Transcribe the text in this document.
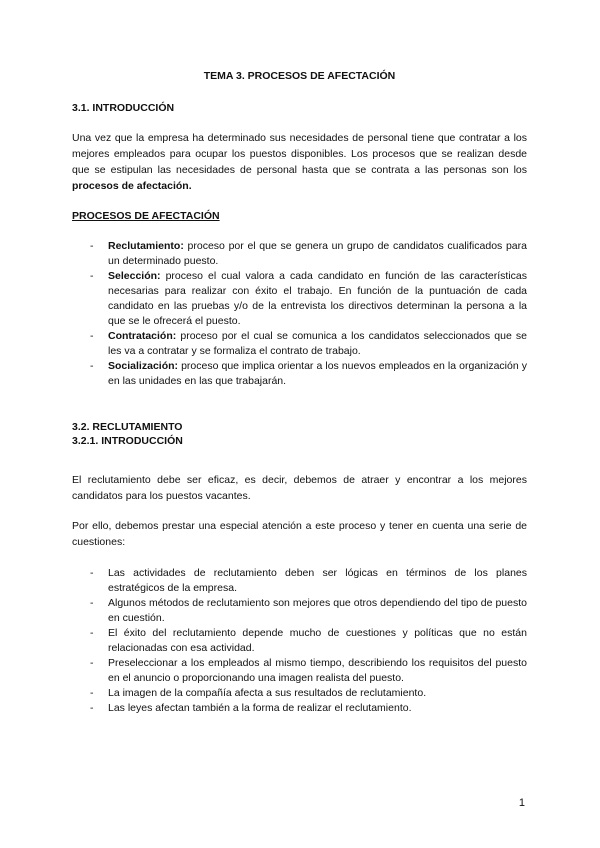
TEMA 3. PROCESOS DE AFECTACIÓN

3.1. INTRODUCCIÓN

Una vez que la empresa ha determinado sus necesidades de personal tiene que contratar a los mejores empleados para ocupar los puestos disponibles. Los procesos que se realizan desde que se estipulan las necesidades de personal hasta que se contrata a las personas son los procesos de afectación.

PROCESOS DE AFECTACIÓN

- Reclutamiento: proceso por el que se genera un grupo de candidatos cualificados para un determinado puesto.
- Selección: proceso el cual valora a cada candidato en función de las características necesarias para realizar con éxito el trabajo. En función de la puntuación de cada candidato en las pruebas y/o de la entrevista los directivos determinan la persona a la que se le ofrecerá el puesto.
- Contratación: proceso por el cual se comunica a los candidatos seleccionados que se les va a contratar y se formaliza el contrato de trabajo.
- Socialización: proceso que implica orientar a los nuevos empleados en la organización y en las unidades en las que trabajarán.

3.2. RECLUTAMIENTO

3.2.1. INTRODUCCIÓN

El reclutamiento debe ser eficaz, es decir, debemos de atraer y encontrar a los mejores candidatos para los puestos vacantes.

Por ello, debemos prestar una especial atención a este proceso y tener en cuenta una serie de cuestiones:

- Las actividades de reclutamiento deben ser lógicas en términos de los planes estratégicos de la empresa.
- Algunos métodos de reclutamiento son mejores que otros dependiendo del tipo de puesto en cuestión.
- El éxito del reclutamiento depende mucho de cuestiones y políticas que no están relacionadas con esa actividad.
- Preseleccionar a los empleados al mismo tiempo, describiendo los requisitos del puesto en el anuncio o proporcionando una imagen realista del puesto.
- La imagen de la compañía afecta a sus resultados de reclutamiento.
- Las leyes afectan también a la forma de realizar el reclutamiento.
1
